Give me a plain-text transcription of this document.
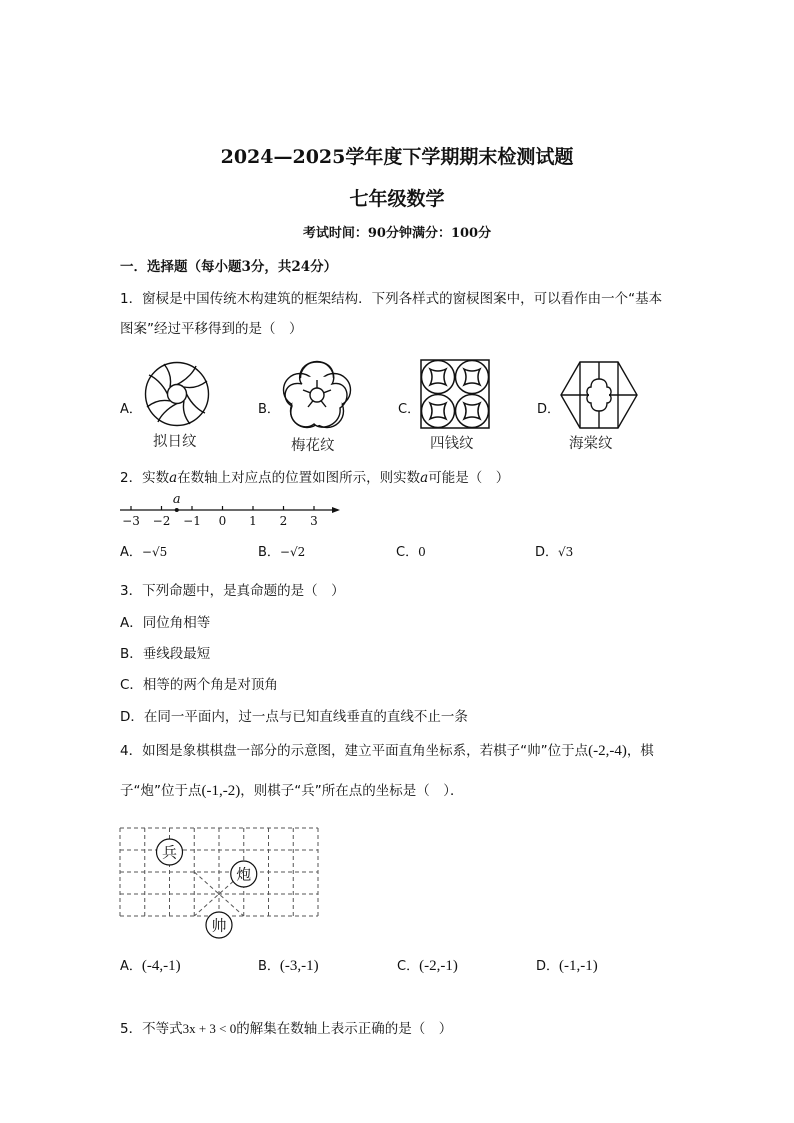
2024—2025学年度下学期期末检测试题
七年级数学
考试时间：90分钟满分：100分
一．选择题（每小题3分，共24分）
1．窗棂是中国传统木构建筑的框架结构．下列各样式的窗棂图案中，可以看作由一个“基本
图案”经过平移得到的是（　）
A．	B．	C．	D．
拟日纹	梅花纹	四钱纹	海棠纹
2．实数a在数轴上对应点的位置如图所示，则实数a可能是（　）
−3 −2 −1 0 1 2 3
a
A．−√5	B．−√2	C．0	D．√3
3．下列命题中，是真命题的是（　）
A．同位角相等
B．垂线段最短
C．相等的两个角是对顶角
D．在同一平面内，过一点与已知直线垂直的直线不止一条
4．如图是象棋棋盘一部分的示意图，建立平面直角坐标系，若棋子“帅”位于点(-2,-4)，棋
子“炮”位于点(-1,-2)，则棋子“兵”所在点的坐标是（　）．
兵
炮
帅
A．(-4,-1)	B．(-3,-1)	C．(-2,-1)	D．(-1,-1)
5．不等式3x + 3 < 0的解集在数轴上表示正确的是（　）
